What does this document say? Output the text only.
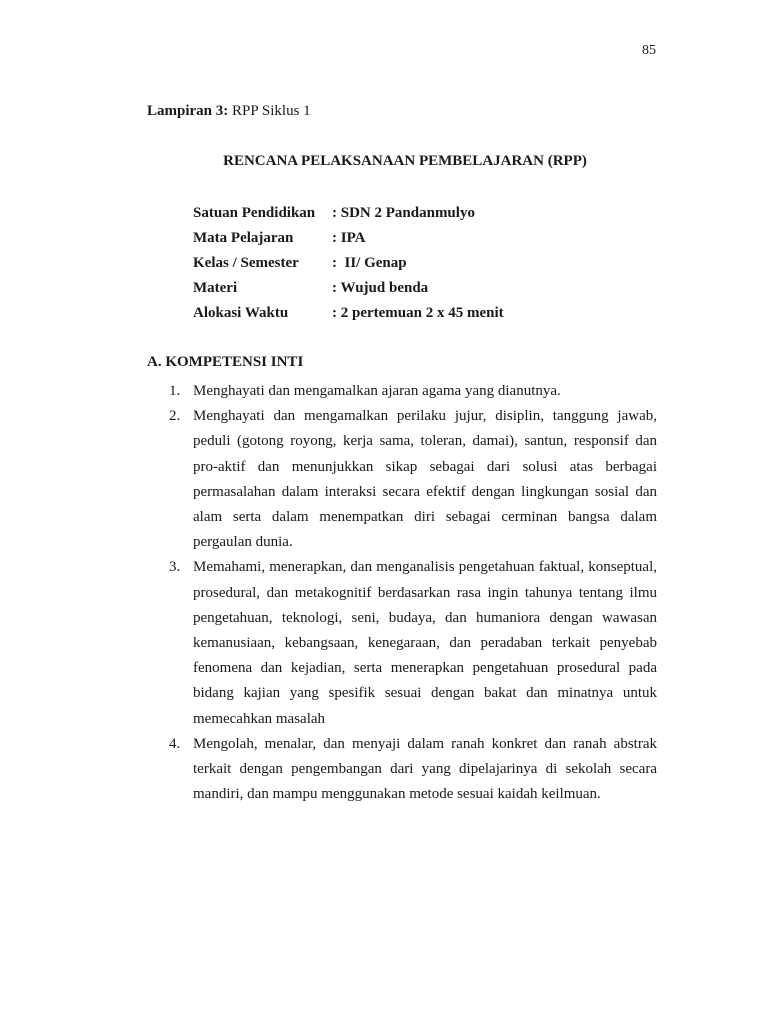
85
Lampiran 3: RPP Siklus 1
RENCANA PELAKSANAAN PEMBELAJARAN (RPP)
Satuan Pendidikan : SDN 2 Pandanmulyo
Mata Pelajaran	: IPA
Kelas / Semester :  II/ Genap
Materi	: Wujud benda
Alokasi Waktu	: 2 pertemuan 2 x 45 menit
A. KOMPETENSI INTI
1. Menghayati dan mengamalkan ajaran agama yang dianutnya.
2. Menghayati dan mengamalkan perilaku jujur, disiplin, tanggung jawab, peduli (gotong royong, kerja sama, toleran, damai), santun, responsif dan pro-aktif dan menunjukkan sikap sebagai dari solusi atas berbagai permasalahan dalam interaksi secara efektif dengan lingkungan sosial dan alam serta dalam menempatkan diri sebagai cerminan bangsa dalam pergaulan dunia.
3. Memahami, menerapkan, dan menganalisis pengetahuan faktual, konseptual, prosedural, dan metakognitif berdasarkan rasa ingin tahunya tentang ilmu pengetahuan, teknologi, seni, budaya, dan humaniora dengan wawasan kemanusiaan, kebangsaan, kenegaraan, dan peradaban terkait penyebab fenomena dan kejadian, serta menerapkan pengetahuan prosedural pada bidang kajian yang spesifik sesuai dengan bakat dan minatnya untuk memecahkan masalah
4. Mengolah, menalar, dan menyaji dalam ranah konkret dan ranah abstrak terkait dengan pengembangan dari yang dipelajarinya di sekolah secara mandiri, dan mampu menggunakan metode sesuai kaidah keilmuan.
